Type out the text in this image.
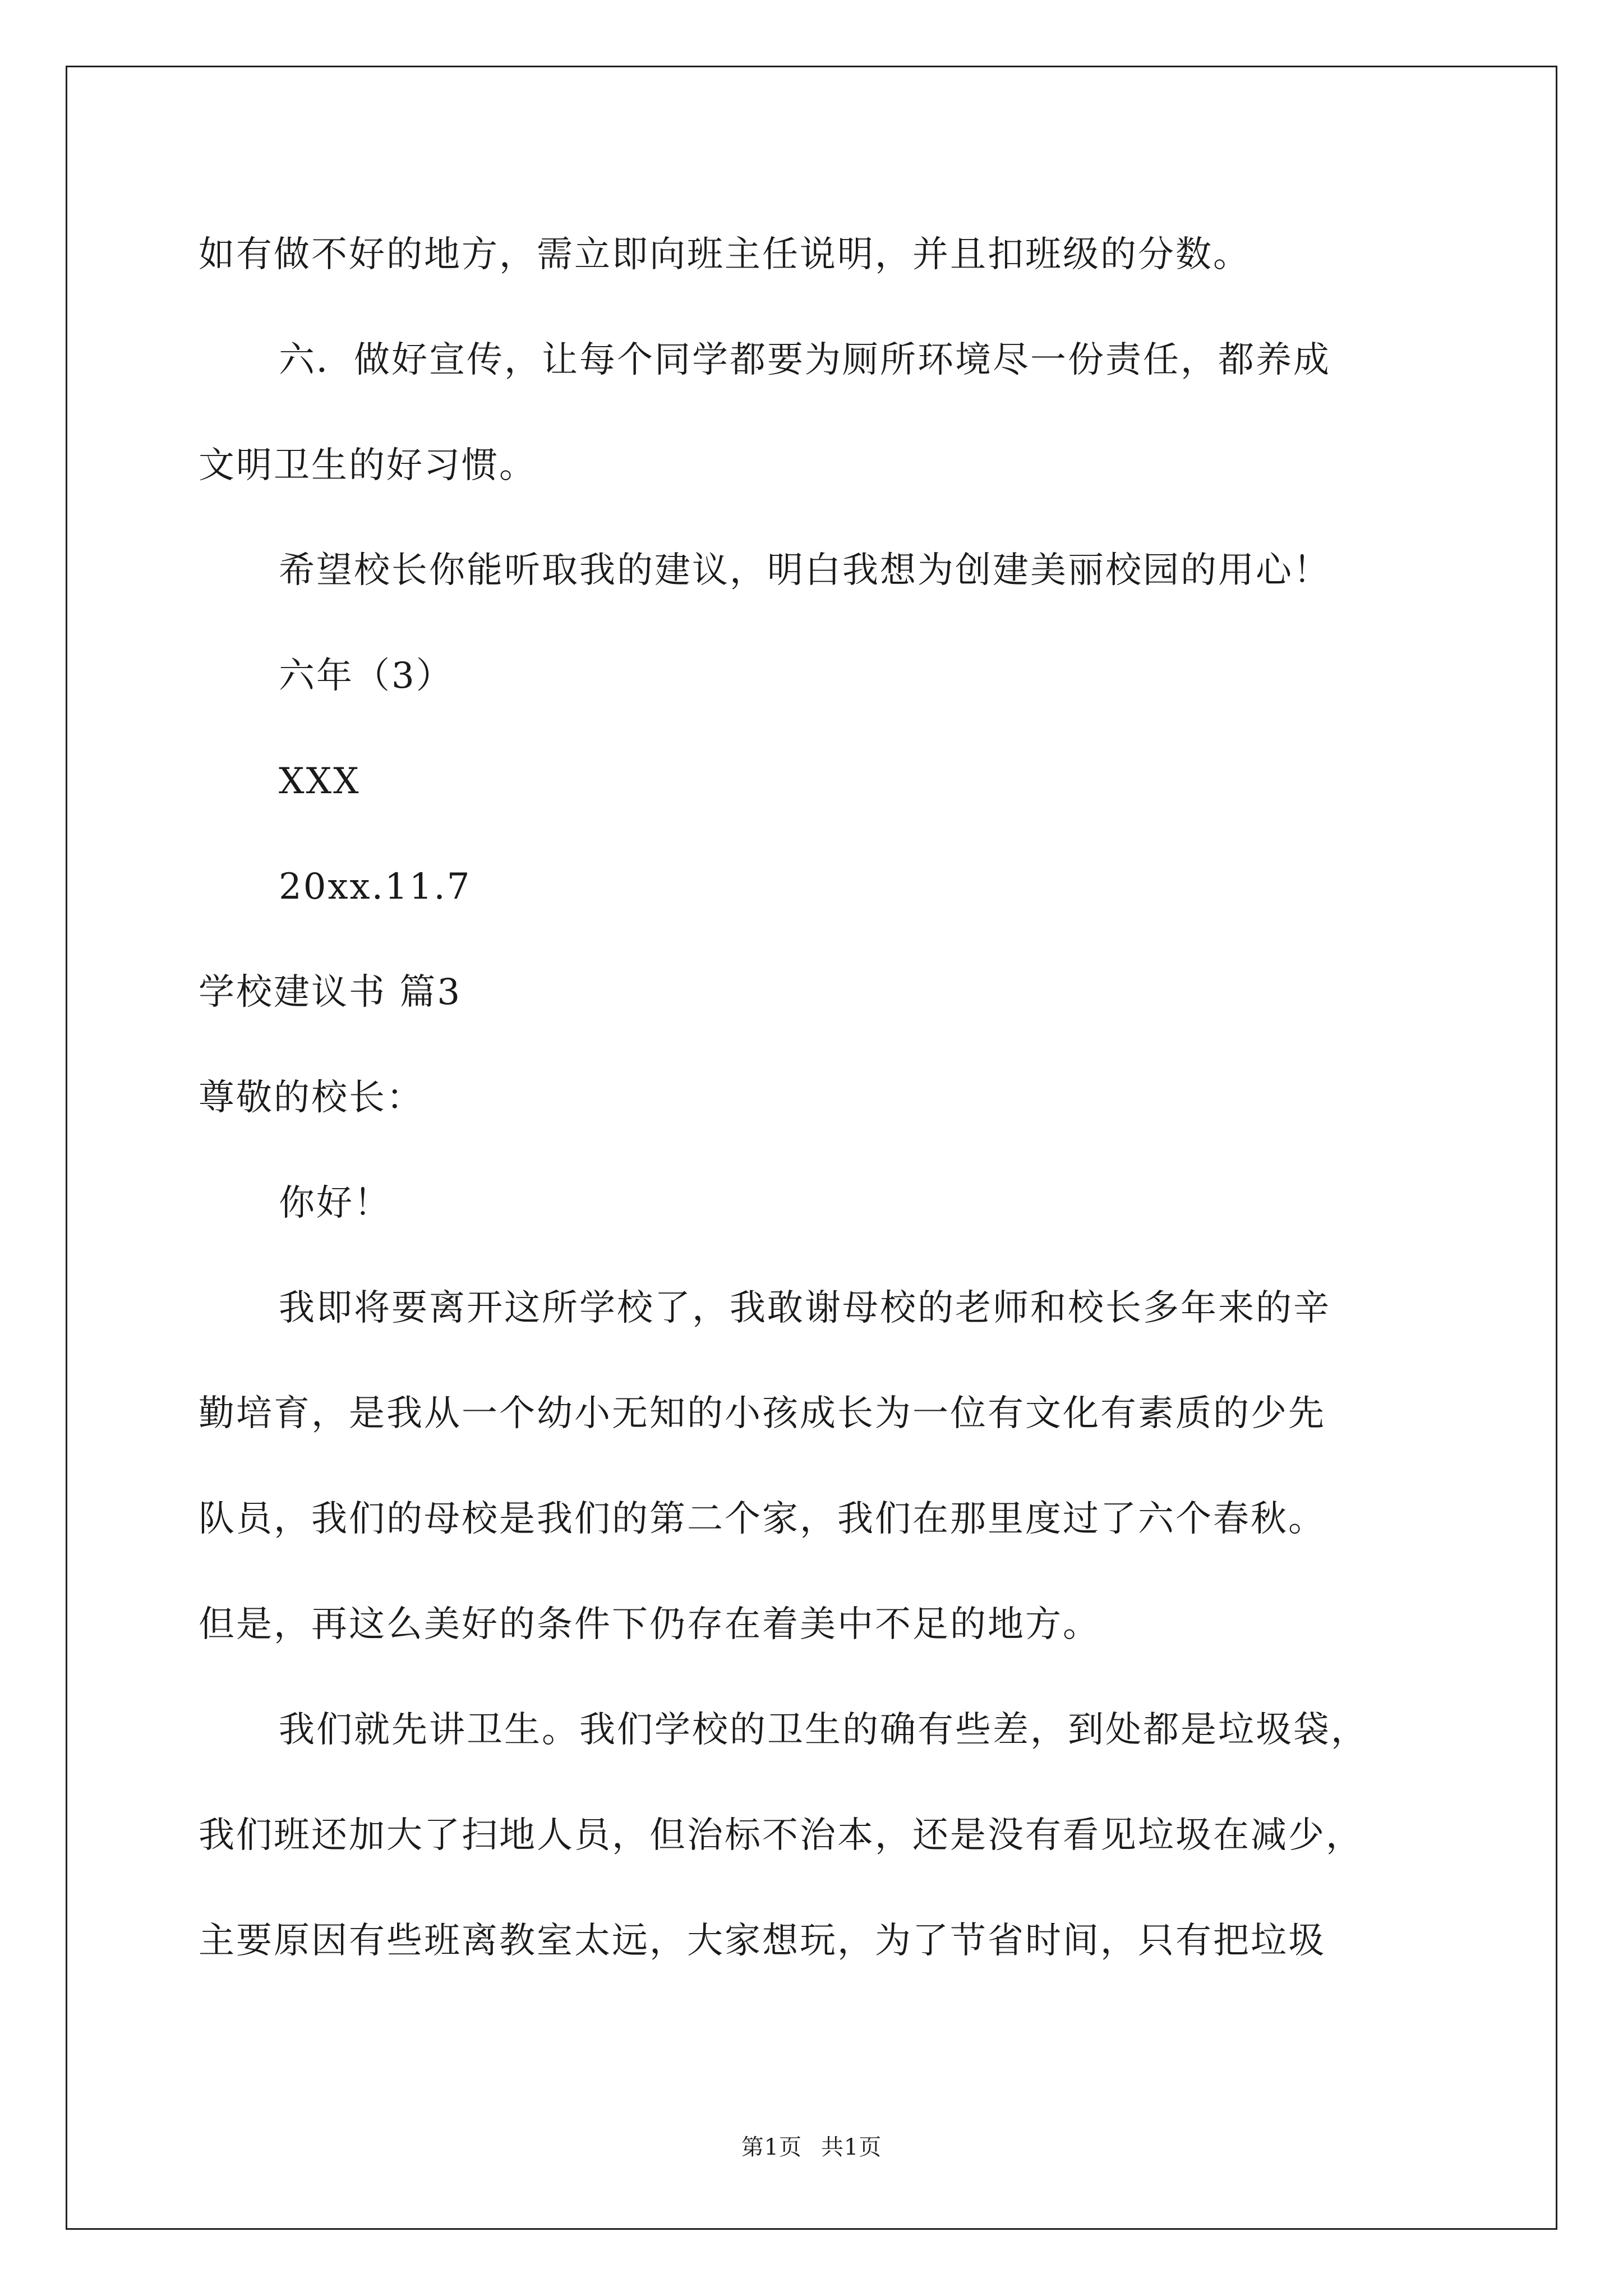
如有做不好的地方，需立即向班主任说明，并且扣班级的分数。
六．做好宣传，让每个同学都要为厕所环境尽一份责任，都养成
文明卫生的好习惯。
希望校长你能听取我的建议，明白我想为创建美丽校园的用心！
六年（3）
XXX
20xx.11.7
学校建议书 篇3
尊敬的校长：
你好！
我即将要离开这所学校了，我敢谢母校的老师和校长多年来的辛
勤培育，是我从一个幼小无知的小孩成长为一位有文化有素质的少先
队员，我们的母校是我们的第二个家，我们在那里度过了六个春秋。
但是，再这么美好的条件下仍存在着美中不足的地方。
我们就先讲卫生。我们学校的卫生的确有些差，到处都是垃圾袋，
我们班还加大了扫地人员，但治标不治本，还是没有看见垃圾在减少，
主要原因有些班离教室太远，大家想玩，为了节省时间，只有把垃圾
第1页 共1页
